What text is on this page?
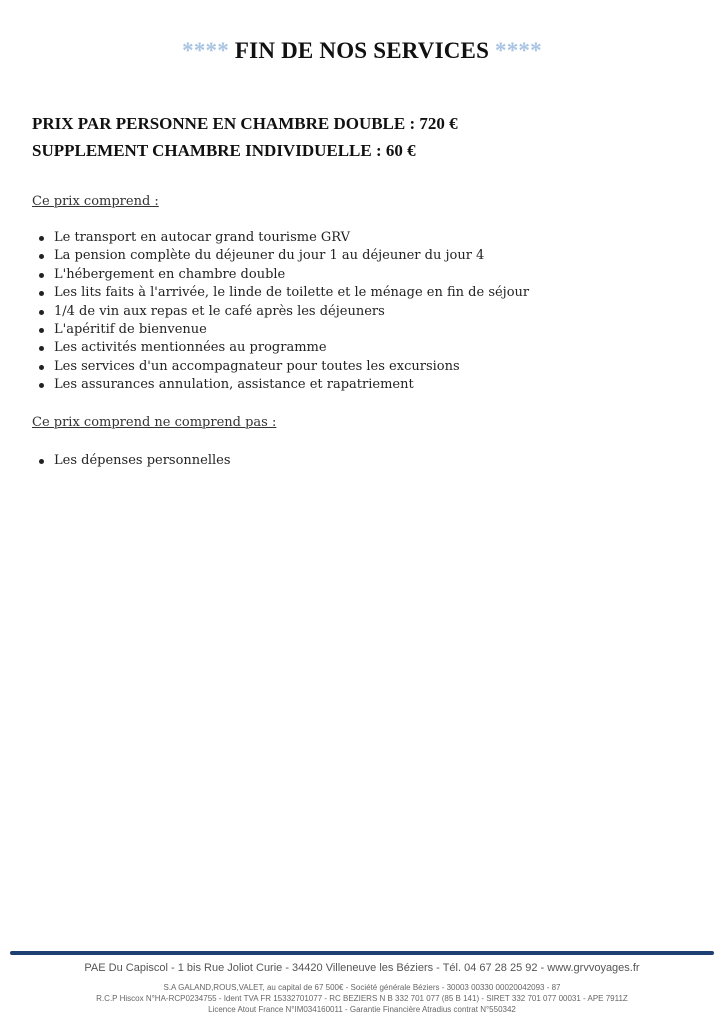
**** FIN DE NOS SERVICES ****
PRIX PAR PERSONNE EN CHAMBRE DOUBLE : 720 €
SUPPLEMENT CHAMBRE INDIVIDUELLE : 60 €
Ce prix comprend :
Le transport en autocar grand tourisme GRV
La pension complète du déjeuner du jour 1 au déjeuner du jour 4
L'hébergement en chambre double
Les lits faits à l'arrivée, le linde de toilette et le ménage en fin de séjour
1/4 de vin aux repas et le café après les déjeuners
L'apéritif de bienvenue
Les activités mentionnées au programme
Les services d'un accompagnateur pour toutes les excursions
Les assurances annulation, assistance et rapatriement
Ce prix comprend ne comprend pas :
Les dépenses personnelles
PAE Du Capiscol - 1 bis Rue Joliot Curie - 34420 Villeneuve les Béziers - Tél. 04 67 28 25 92 - www.grvvoyages.fr
S.A GALAND,ROUS,VALET, au capital de 67 500€ - Société générale Béziers - 30003 00330 00020042093 - 87
R.C.P Hiscox N°HA-RCP0234755 - Ident TVA FR 15332701077 - RC BEZIERS N B 332 701 077 (85 B 141) - SIRET 332 701 077 00031 - APE 7911Z
Licence Atout France N°IM034160011 - Garantie Financière Atradius contrat N°550342
